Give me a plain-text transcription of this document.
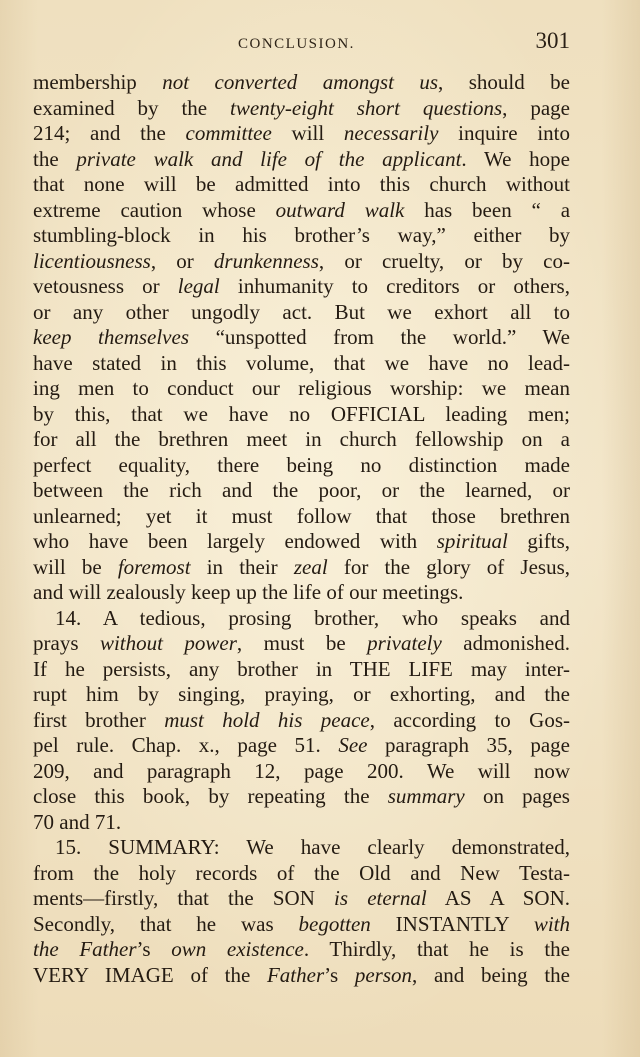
CONCLUSION.	301
membership not converted amongst us, should be
examined by the twenty-eight short questions, page
214; and the committee will necessarily inquire into
the private walk and life of the applicant. We hope
that none will be admitted into this church without
extreme caution whose outward walk has been “ a
stumbling-block in his brother’s way,” either by
licentiousness, or drunkenness, or cruelty, or by co-
vetousness or legal inhumanity to creditors or others,
or any other ungodly act. But we exhort all to
keep themselves “unspotted from the world.” We
have stated in this volume, that we have no lead-
ing men to conduct our religious worship: we mean
by this, that we have no OFFICIAL leading men;
for all the brethren meet in church fellowship on a
perfect equality, there being no distinction made
between the rich and the poor, or the learned, or
unlearned; yet it must follow that those brethren
who have been largely endowed with spiritual gifts,
will be foremost in their zeal for the glory of Jesus,
and will zealously keep up the life of our meetings.
14. A tedious, prosing brother, who speaks and
prays without power, must be privately admonished.
If he persists, any brother in THE LIFE may inter-
rupt him by singing, praying, or exhorting, and the
first brother must hold his peace, according to Gos-
pel rule. Chap. x., page 51. See paragraph 35, page
209, and paragraph 12, page 200. We will now
close this book, by repeating the summary on pages
70 and 71.
15. SUMMARY: We have clearly demonstrated,
from the holy records of the Old and New Testa-
ments—firstly, that the SON is eternal AS A SON.
Secondly, that he was begotten INSTANTLY with
the Father’s own existence. Thirdly, that he is the
VERY IMAGE of the Father’s person, and being the
